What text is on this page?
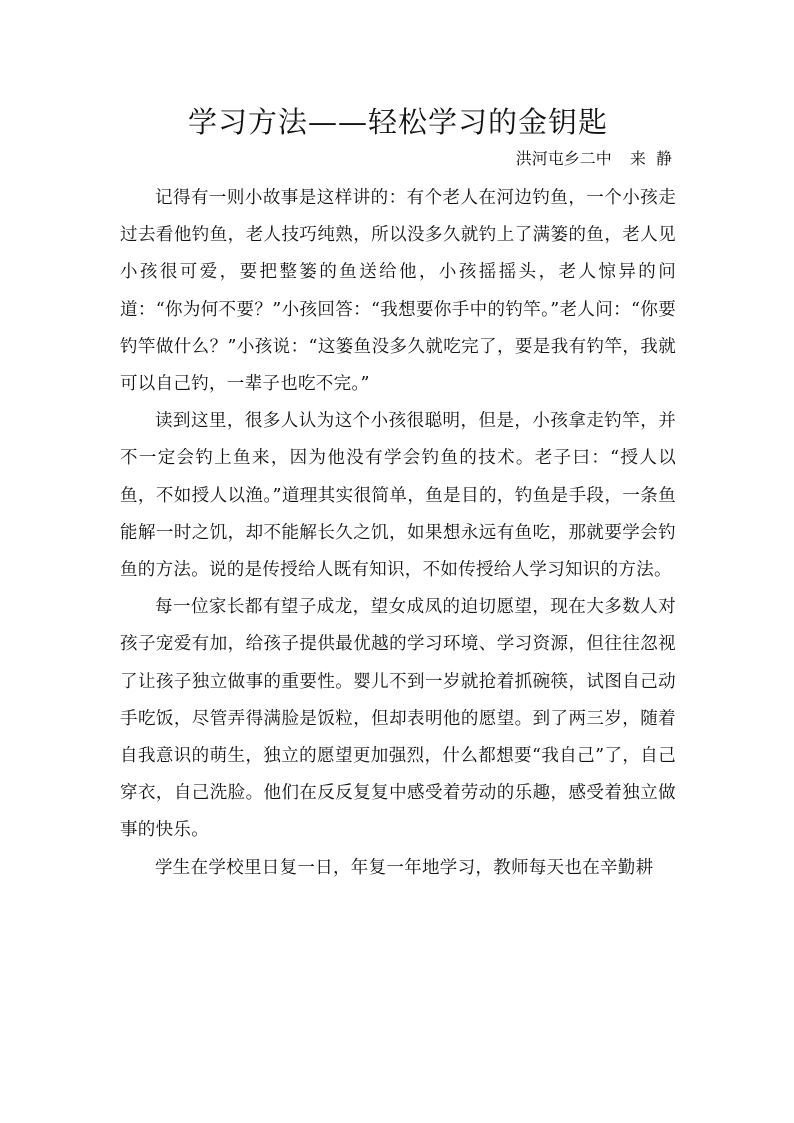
学习方法——轻松学习的金钥匙
洪河屯乡二中 来  静

记得有一则小故事是这样讲的：有个老人在河边钓鱼，一个小孩走过去看他钓鱼，老人技巧纯熟，所以没多久就钓上了满篓的鱼，老人见小孩很可爱，要把整篓的鱼送给他，小孩摇摇头，老人惊异的问道：“你为何不要？”小孩回答：“我想要你手中的钓竿。”老人问：“你要钓竿做什么？”小孩说：“这篓鱼没多久就吃完了，要是我有钓竿，我就可以自己钓，一辈子也吃不完。”

读到这里，很多人认为这个小孩很聪明，但是，小孩拿走钓竿，并不一定会钓上鱼来，因为他没有学会钓鱼的技术。老子曰：“授人以鱼，不如授人以渔。”道理其实很简单，鱼是目的，钓鱼是手段，一条鱼能解一时之饥，却不能解长久之饥，如果想永远有鱼吃，那就要学会钓鱼的方法。说的是传授给人既有知识，不如传授给人学习知识的方法。

每一位家长都有望子成龙，望女成凤的迫切愿望，现在大多数人对孩子宠爱有加，给孩子提供最优越的学习环境、学习资源，但往往忽视了让孩子独立做事的重要性。婴儿不到一岁就抢着抓碗筷，试图自己动手吃饭，尽管弄得满脸是饭粒，但却表明他的愿望。到了两三岁，随着自我意识的萌生，独立的愿望更加强烈，什么都想要“我自己”了，自己穿衣，自己洗脸。他们在反反复复中感受着劳动的乐趣，感受着独立做事的快乐。

学生在学校里日复一日，年复一年地学习，教师每天也在辛勤耕
